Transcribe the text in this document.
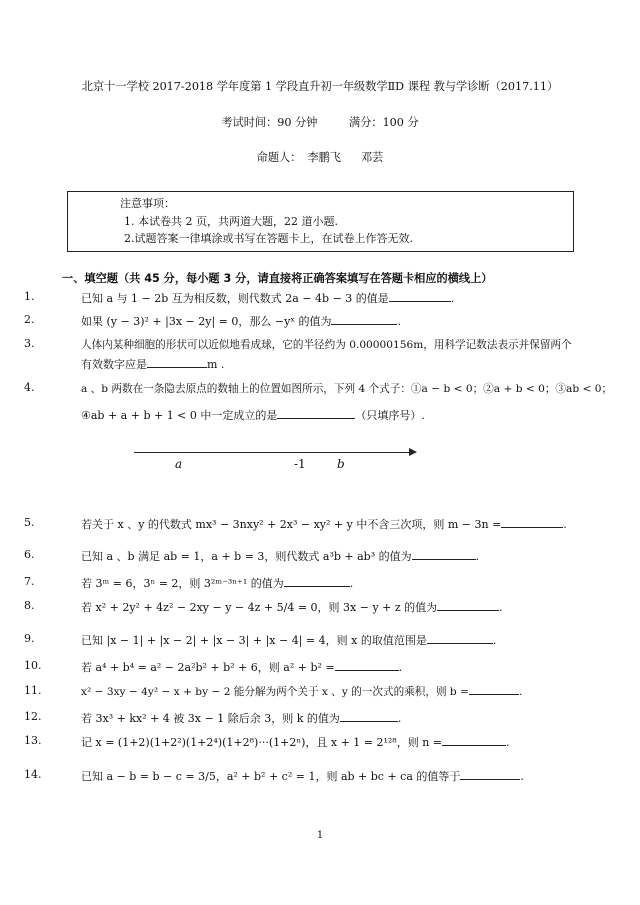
北京十一学校 2017-2018 学年度第 1 学段直升初一年级数学ⅡD 课程 教与学诊断（2017.11）
考试时间：90 分钟	满分：100 分
命题人： 李鹏飞 邓芸
注意事项：
1. 本试卷共 2 页，共两道大题，22 道小题.
2.试题答案一律填涂或书写在答题卡上，在试卷上作答无效.
一、填空题（共 45 分，每小题 3 分，请直接将正确答案填写在答题卡相应的横线上）
1.	已知 a 与 1 − 2b 互为相反数，则代数式 2a − 4b − 3 的值是	.
2.	如果 (y − 3)² + |3x − 2y| = 0，那么 −yˣ 的值为	.
3.	人体内某种细胞的形状可以近似地看成球，它的半径约为 0.00000156m，用科学记数法表示并保留两个
有效数字应是	m .
4.	a 、b 两数在一条隐去原点的数轴上的位置如图所示，下列 4 个式子：①a − b < 0；②a + b < 0；③ab < 0；
④ab + a + b + 1 < 0 中一定成立的是	（只填序号）.
a	-1	b
5.	若关于 x 、y 的代数式 mx³ − 3nxy² + 2x³ − xy² + y 中不含三次项，则 m − 3n =	.
6.	已知 a 、b 满足 ab = 1，a + b = 3，则代数式 a³b + ab³ 的值为	.
7.	若 3ᵐ = 6，3ⁿ = 2，则 3²ᵐ⁻³ⁿ⁺¹ 的值为	.
8.	若 x² + 2y² + 4z² − 2xy − y − 4z + 5/4 = 0，则 3x − y + z 的值为	.
9.	已知 |x − 1| + |x − 2| + |x − 3| + |x − 4| = 4，则 x 的取值范围是	.
10.	若 a⁴ + b⁴ = a² − 2a²b² + b² + 6，则 a² + b² =	.
11.	x² − 3xy − 4y² − x + by − 2 能分解为两个关于 x 、y 的一次式的乘积，则 b =	.
12.	若 3x³ + kx² + 4 被 3x − 1 除后余 3，则 k 的值为	.
13.	记 x = (1+2)(1+2²)(1+2⁴)(1+2⁸)···(1+2ⁿ)，且 x + 1 = 2¹²⁸，则 n =	.
14.	已知 a − b = b − c = 3/5，a² + b² + c² = 1，则 ab + bc + ca 的值等于	.
1
